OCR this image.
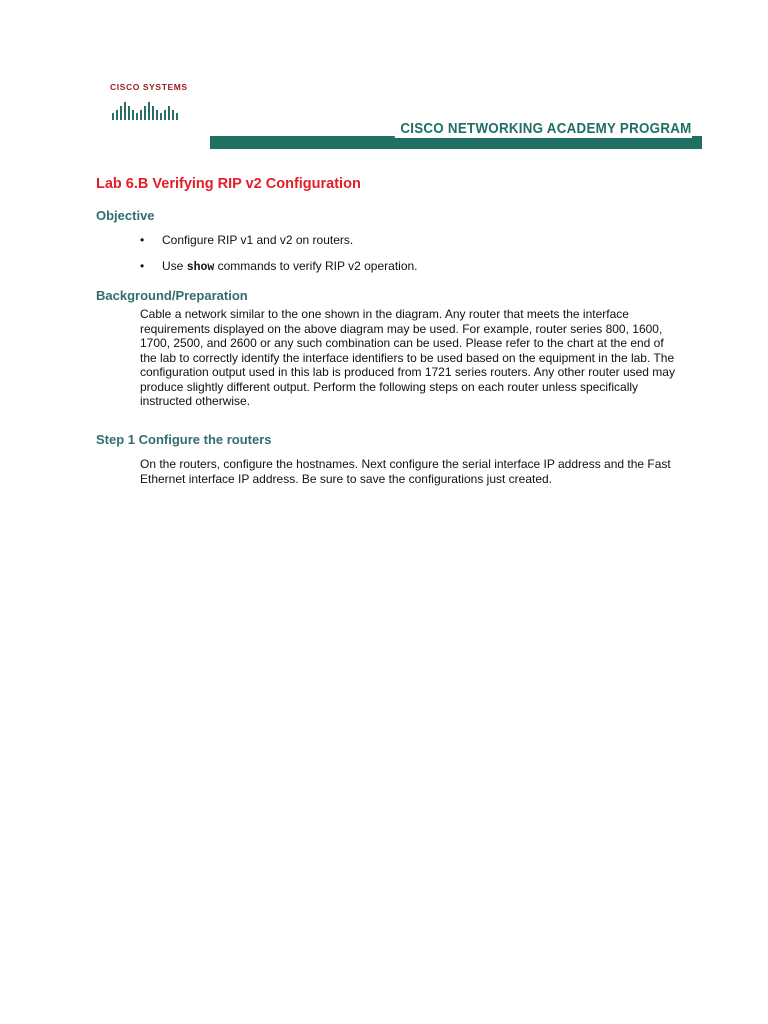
CISCO SYSTEMS
CISCO NETWORKING ACADEMY PROGRAM
Lab 6.B Verifying RIP v2 Configuration
Objective
• Configure RIP v1 and v2 on routers.
• Use show commands to verify RIP v2 operation.
Background/Preparation

Cable a network similar to the one shown in the diagram. Any router that meets the interface
requirements displayed on the above diagram may be used. For example, router series 800, 1600,
1700, 2500, and 2600 or any such combination can be used. Please refer to the chart at the end of
the lab to correctly identify the interface identifiers to be used based on the equipment in the lab. The
configuration output used in this lab is produced from 1721 series routers. Any other router used may
produce slightly different output. Perform the following steps on each router unless specifically
instructed otherwise.

Step 1 Configure the routers

On the routers, configure the hostnames. Next configure the serial interface IP address and the Fast
Ethernet interface IP address. Be sure to save the configurations just created.
